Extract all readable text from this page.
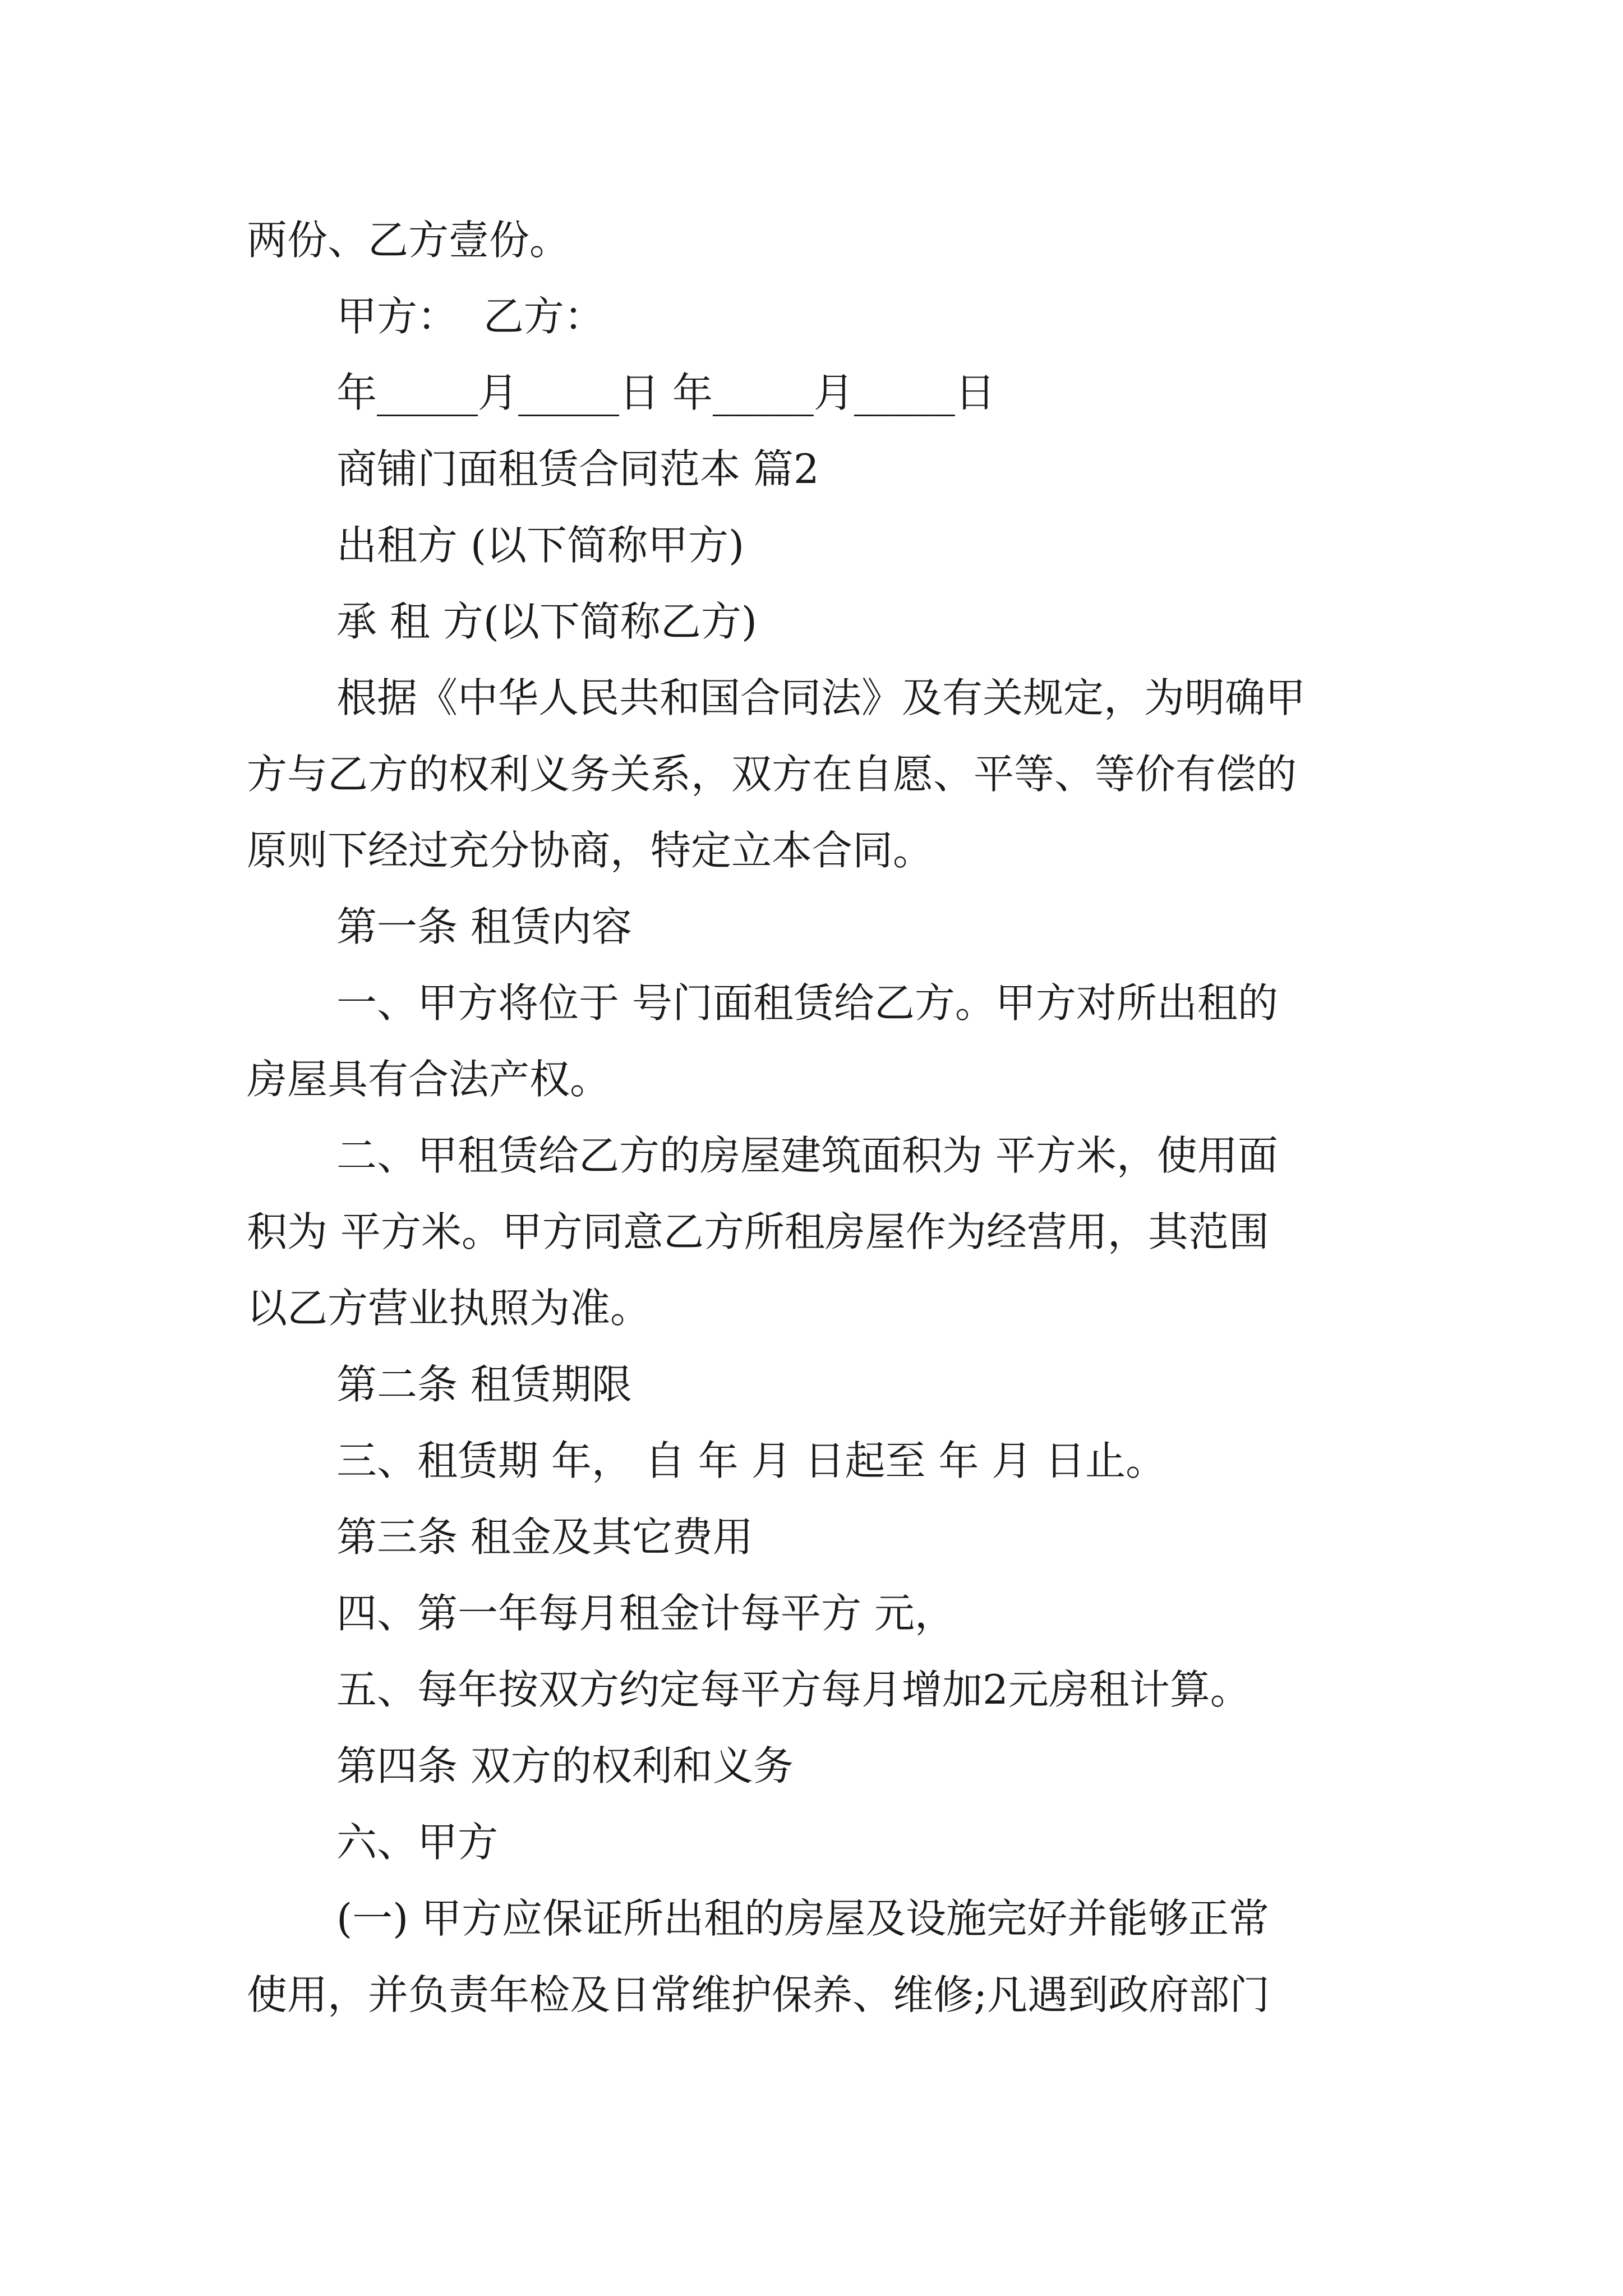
两份、乙方壹份。
甲方：  乙方：
年_____月_____日 年_____月_____日
商铺门面租赁合同范本 篇2
出租方 (以下简称甲方)
承 租 方(以下简称乙方)
根据《中华人民共和国合同法》及有关规定，为明确甲
方与乙方的权利义务关系，双方在自愿、平等、等价有偿的
原则下经过充分协商，特定立本合同。
第一条 租赁内容
一、甲方将位于 号门面租赁给乙方。甲方对所出租的
房屋具有合法产权。
二、甲租赁给乙方的房屋建筑面积为 平方米，使用面
积为 平方米。甲方同意乙方所租房屋作为经营用，其范围
以乙方营业执照为准。
第二条 租赁期限
三、租赁期 年， 自 年 月 日起至 年 月 日止。
第三条 租金及其它费用
四、第一年每月租金计每平方 元，
五、每年按双方约定每平方每月增加2元房租计算。
第四条 双方的权利和义务
六、甲方
(一) 甲方应保证所出租的房屋及设施完好并能够正常
使用，并负责年检及日常维护保养、维修;凡遇到政府部门
